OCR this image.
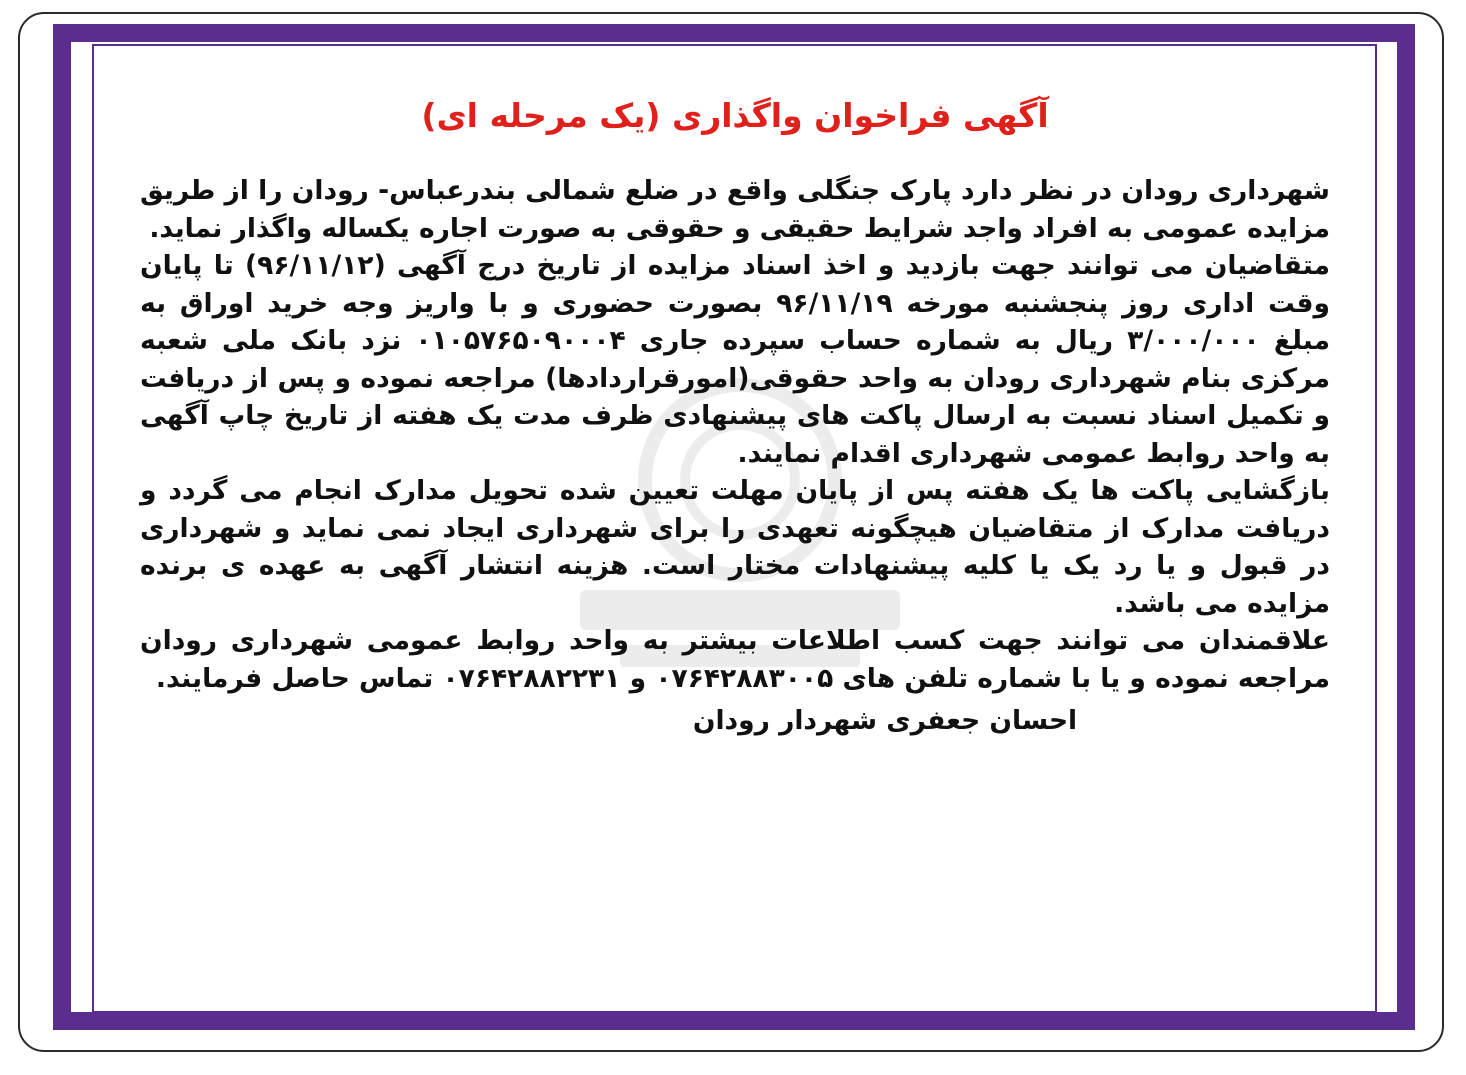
آگهی فراخوان واگذاری (یک مرحله ای)

شهرداری رودان در نظر دارد پارک جنگلی واقع در ضلع شمالی بندرعباس- رودان را از طریق مزایده عمومی به افراد واجد شرایط حقیقی و حقوقی به صورت اجاره یکساله واگذار نماید.

متقاضیان می توانند جهت بازدید و اخذ اسناد مزایده از تاریخ درج آگهی (۹۶/۱۱/۱۲) تا پایان وقت اداری روز پنجشنبه مورخه ۹۶/۱۱/۱۹ بصورت حضوری و با واریز وجه خرید اوراق به مبلغ ۳/۰۰۰/۰۰۰ ریال به شماره حساب سپرده جاری ۰۱۰۵۷۶۵۰۹۰۰۰۴ نزد بانک ملی شعبه مرکزی بنام شهرداری رودان به واحد حقوقی(امورقراردادها) مراجعه نموده و پس از دریافت و تکمیل اسناد نسبت به ارسال پاکت های پیشنهادی ظرف مدت یک هفته از تاریخ چاپ آگهی به واحد روابط عمومی شهرداری اقدام نمایند.

بازگشایی پاکت ها یک هفته پس از پایان مهلت تعیین شده تحویل مدارک انجام می گردد و دریافت مدارک از متقاضیان هیچگونه تعهدی را برای شهرداری ایجاد نمی نماید و شهرداری در قبول و یا رد یک یا کلیه پیشنهادات مختار است. هزینه انتشار آگهی به عهده ی برنده مزایده می باشد.

علاقمندان می توانند جهت کسب اطلاعات بیشتر به واحد روابط عمومی شهرداری رودان مراجعه نموده و یا با شماره تلفن های ۰۷۶۴۲۸۸۳۰۰۵ و ۰۷۶۴۲۸۸۲۲۳۱ تماس حاصل فرمایند.

احسان جعفری شهردار رودان
